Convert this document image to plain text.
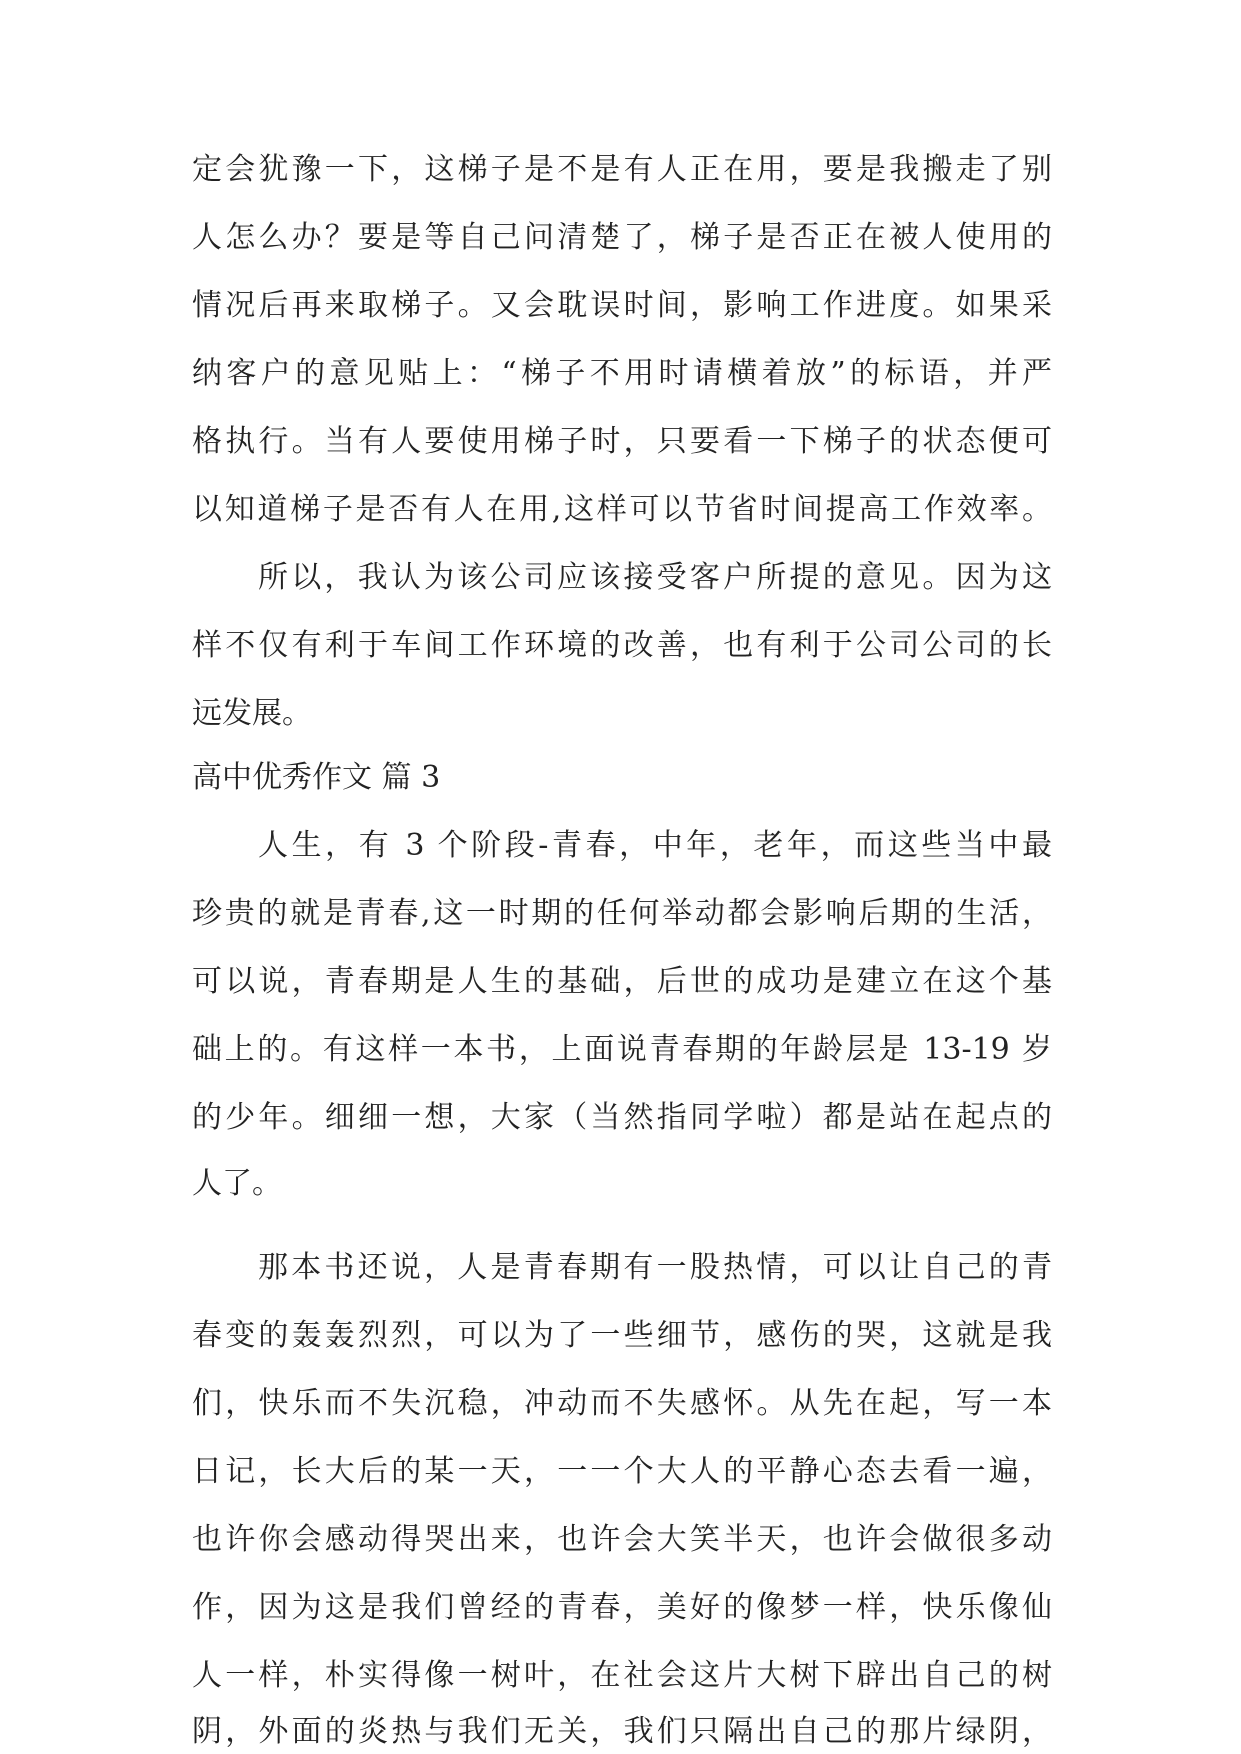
定会犹豫一下，这梯子是不是有人正在用，要是我搬走了别
人怎么办？要是等自己问清楚了，梯子是否正在被人使用的
情况后再来取梯子。又会耽误时间，影响工作进度。如果采
纳客户的意见贴上：“梯子不用时请横着放”的标语，并严
格执行。当有人要使用梯子时，只要看一下梯子的状态便可
以知道梯子是否有人在用,这样可以节省时间提高工作效率。
所以，我认为该公司应该接受客户所提的意见。因为这
样不仅有利于车间工作环境的改善，也有利于公司公司的长
远发展。
高中优秀作文 篇 3
人生，有 3 个阶段-青春，中年，老年，而这些当中最
珍贵的就是青春,这一时期的任何举动都会影响后期的生活，
可以说，青春期是人生的基础，后世的成功是建立在这个基
础上的。有这样一本书，上面说青春期的年龄层是 13-19 岁
的少年。细细一想，大家（当然指同学啦）都是站在起点的
人了。
那本书还说，人是青春期有一股热情，可以让自己的青
春变的轰轰烈烈，可以为了一些细节，感伤的哭，这就是我
们，快乐而不失沉稳，冲动而不失感怀。从先在起，写一本
日记，长大后的某一天，一一个大人的平静心态去看一遍，
也许你会感动得哭出来，也许会大笑半天，也许会做很多动
作，因为这是我们曾经的青春，美好的像梦一样，快乐像仙
人一样，朴实得像一树叶，在社会这片大树下辟出自己的树
阴，外面的炎热与我们无关，我们只隔出自己的那片绿阴，
